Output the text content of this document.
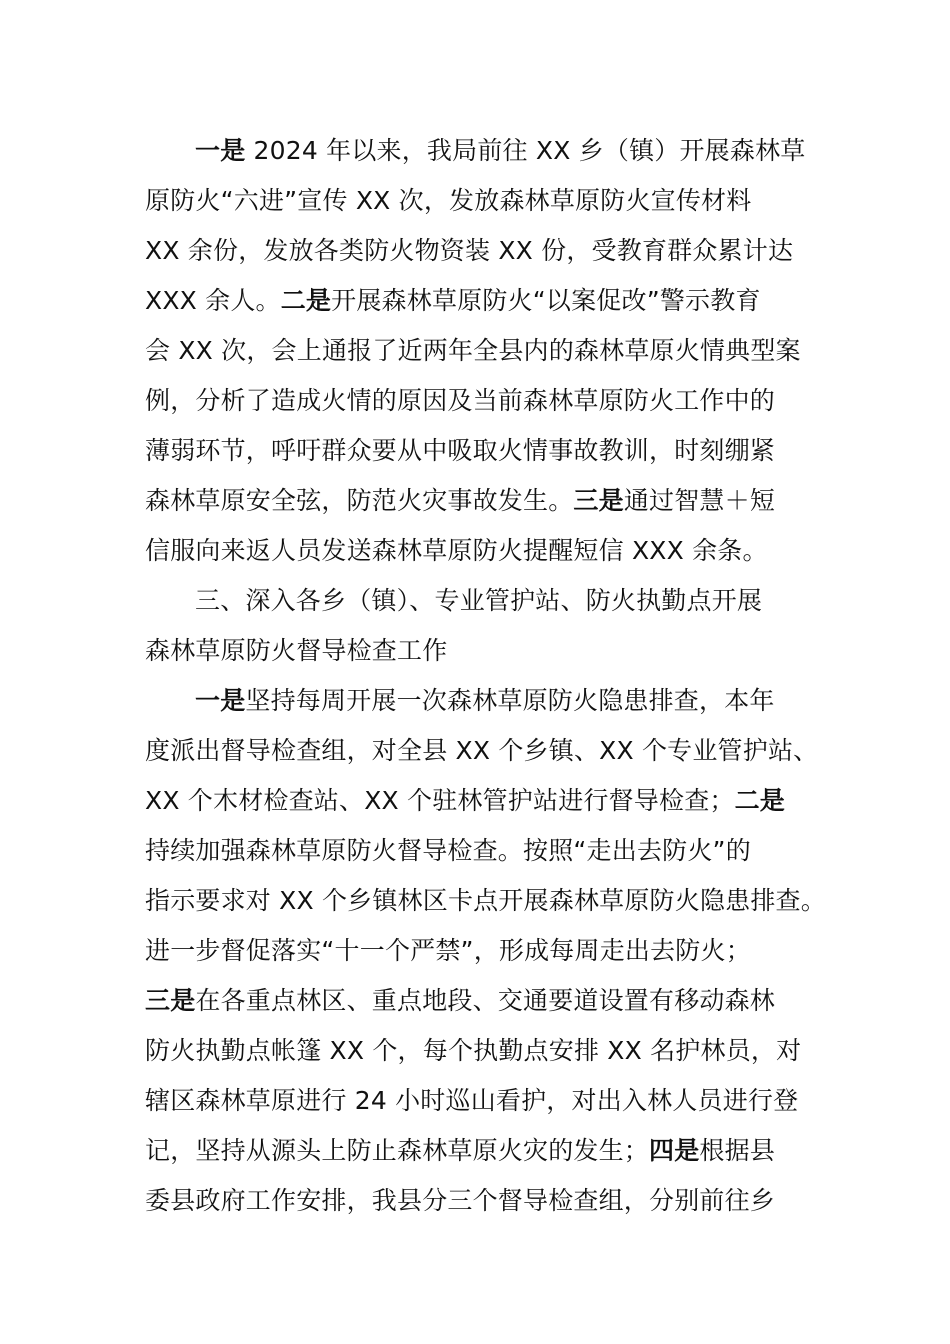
一是 2024 年以来，我局前往 XX 乡（镇）开展森林草
原防火“六进”宣传 XX 次，发放森林草原防火宣传材料
XX 余份，发放各类防火物资装 XX 份，受教育群众累计达
XXX 余人。二是开展森林草原防火“以案促改”警示教育
会 XX 次，会上通报了近两年全县内的森林草原火情典型案
例，分析了造成火情的原因及当前森林草原防火工作中的
薄弱环节，呼吁群众要从中吸取火情事故教训，时刻绷紧
森林草原安全弦，防范火灾事故发生。三是通过智慧＋短
信服向来返人员发送森林草原防火提醒短信 XXX 余条。
三、深入各乡（镇）、专业管护站、防火执勤点开展
森林草原防火督导检查工作
一是坚持每周开展一次森林草原防火隐患排查，本年
度派出督导检查组，对全县 XX 个乡镇、XX 个专业管护站、
XX 个木材检查站、XX 个驻林管护站进行督导检查；二是
持续加强森林草原防火督导检查。按照“走出去防火”的
指示要求对 XX 个乡镇林区卡点开展森林草原防火隐患排查。
进一步督促落实“十一个严禁”，形成每周走出去防火；
三是在各重点林区、重点地段、交通要道设置有移动森林
防火执勤点帐篷 XX 个，每个执勤点安排 XX 名护林员，对
辖区森林草原进行 24 小时巡山看护，对出入林人员进行登
记，坚持从源头上防止森林草原火灾的发生；四是根据县
委县政府工作安排，我县分三个督导检查组，分别前往乡
